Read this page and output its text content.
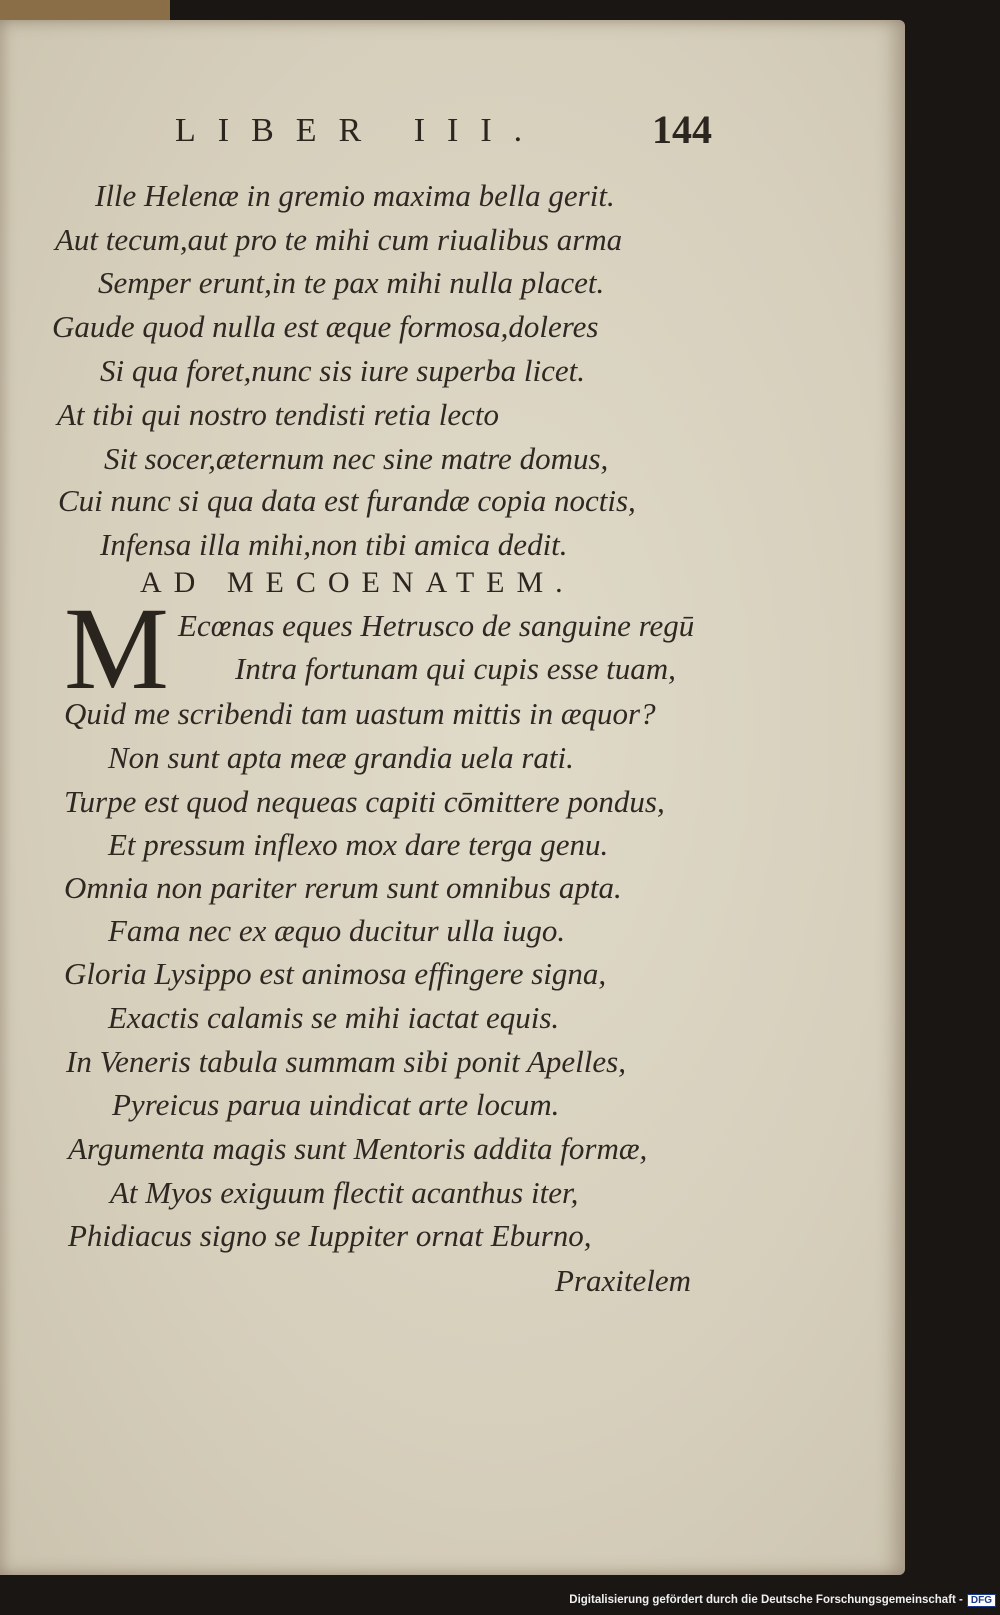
LIBER III.	144
Ille Helenæ in gremio maxima bella gerit.
Aut tecum,aut pro te mihi cum riualibus arma
Semper erunt,in te pax mihi nulla placet.
Gaude quod nulla est æque formosa,doleres
Si qua foret,nunc sis iure superba licet.
At tibi qui nostro tendisti retia lecto
Sit socer,æternum nec sine matre domus,
Cui nunc si qua data est furandæ copia noctis,
Infensa illa mihi,non tibi amica dedit.
AD MECOENATEM.
M Ecœnas eques Hetrusco de sanguine regū
Intra fortunam qui cupis esse tuam,
Quid me scribendi tam uastum mittis in æquor?
Non sunt apta meæ grandia uela rati.
Turpe est quod nequeas capiti cōmittere pondus,
Et pressum inflexo mox dare terga genu.
Omnia non pariter rerum sunt omnibus apta.
Fama nec ex æquo ducitur ulla iugo.
Gloria Lysippo est animosa effingere signa,
Exactis calamis se mihi iactat equis.
In Veneris tabula summam sibi ponit Apelles,
Pyreicus parua uindicat arte locum.
Argumenta magis sunt Mentoris addita formæ,
At Myos exiguum flectit acanthus iter,
Phidiacus signo se Iuppiter ornat Eburno,
Praxitelem
Digitalisierung gefördert durch die Deutsche Forschungsgemeinschaft - DFG
